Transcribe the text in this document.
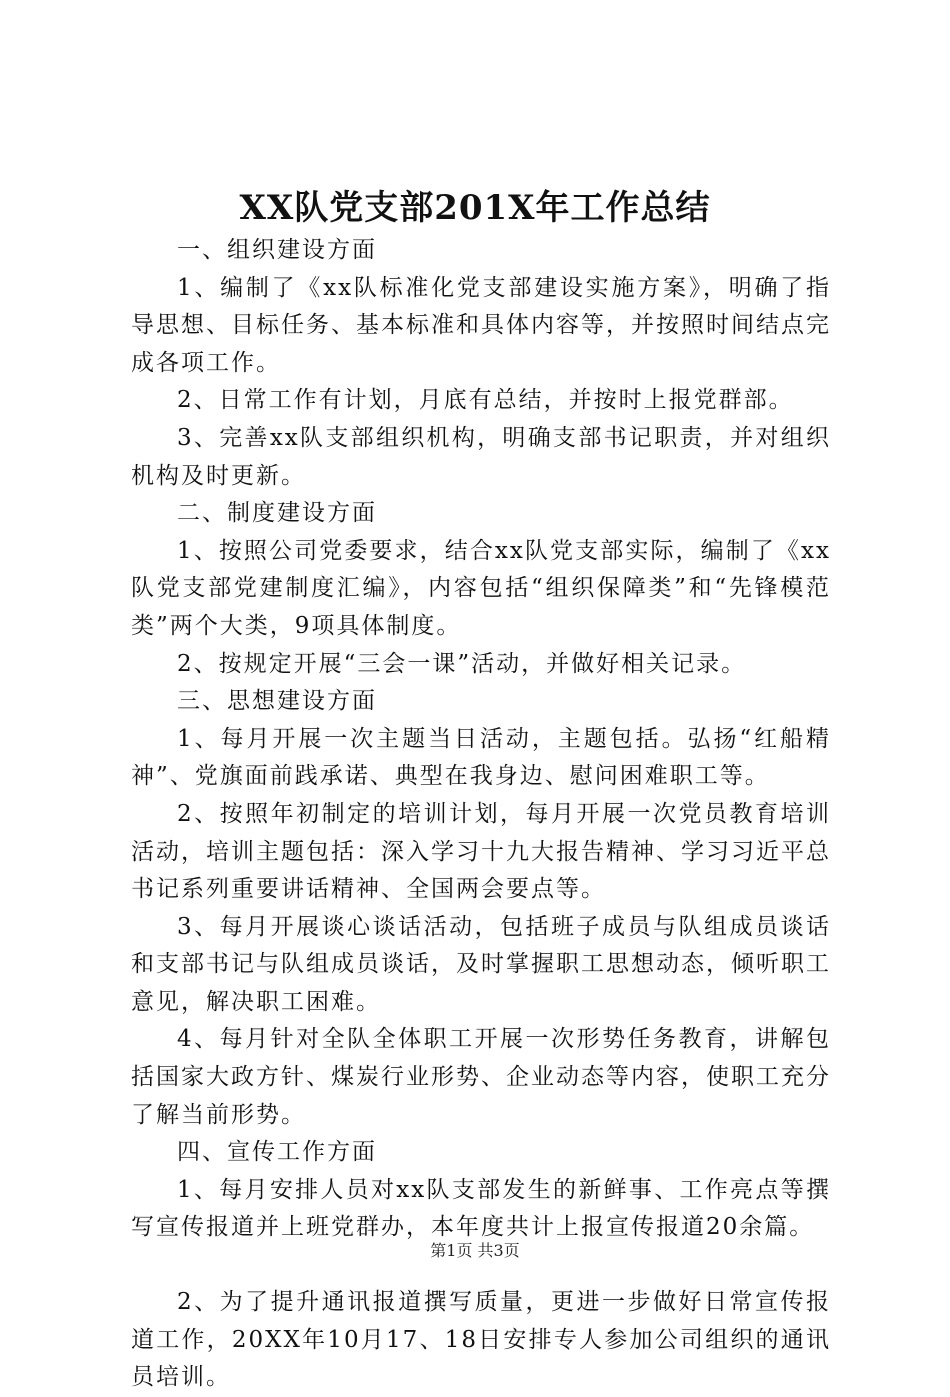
XX队党支部201X年工作总结

一、组织建设方面

1、编制了《xx队标准化党支部建设实施方案》，明确了指导思想、目标任务、基本标准和具体内容等，并按照时间结点完成各项工作。

2、日常工作有计划，月底有总结，并按时上报党群部。

3、完善xx队支部组织机构，明确支部书记职责，并对组织机构及时更新。

二、制度建设方面

1、按照公司党委要求，结合xx队党支部实际，编制了《xx队党支部党建制度汇编》，内容包括“组织保障类”和“先锋模范类”两个大类，9项具体制度。

2、按规定开展“三会一课”活动，并做好相关记录。

三、思想建设方面

1、每月开展一次主题当日活动，主题包括。弘扬“红船精神”、党旗面前践承诺、典型在我身边、慰问困难职工等。

2、按照年初制定的培训计划，每月开展一次党员教育培训活动，培训主题包括：深入学习十九大报告精神、学习习近平总书记系列重要讲话精神、全国两会要点等。

3、每月开展谈心谈话活动，包括班子成员与队组成员谈话和支部书记与队组成员谈话，及时掌握职工思想动态，倾听职工意见，解决职工困难。

4、每月针对全队全体职工开展一次形势任务教育，讲解包括国家大政方针、煤炭行业形势、企业动态等内容，使职工充分了解当前形势。

四、宣传工作方面

1、每月安排人员对xx队支部发生的新鲜事、工作亮点等撰写宣传报道并上班党群办，本年度共计上报宣传报道20余篇。

2、为了提升通讯报道撰写质量，更进一步做好日常宣传报道工作，20XX年10月17、18日安排专人参加公司组织的通讯员培训。

第1页 共3页
